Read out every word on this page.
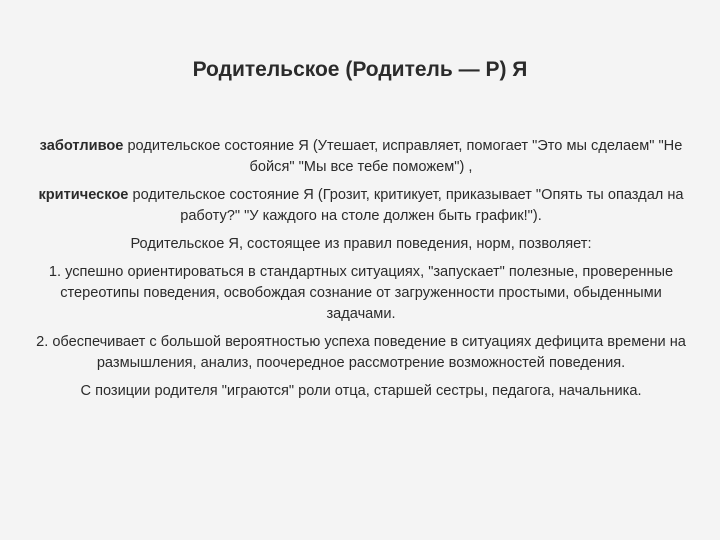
Родительское (Родитель — Р) Я

заботливое родительское состояние Я (Утешает, исправляет, помогает "Это мы сделаем" "Не бойся" "Мы все тебе поможем") ,

критическое родительское состояние Я (Грозит, критикует, приказывает "Опять ты опаздал на работу?" "У каждого на столе должен быть график!").

Родительское Я, состоящее из правил поведения, норм, позволяет:

1. успешно ориентироваться в стандартных ситуациях, "запускает" полезные, проверенные стереотипы поведения, освобождая сознание от загруженности простыми, обыденными задачами.

2. обеспечивает с большой вероятностью успеха поведение в ситуациях дефицита времени на размышления, анализ, поочередное рассмотрение возможностей поведения.

С позиции родителя "играются" роли отца, старшей сестры, педагога, начальника.
